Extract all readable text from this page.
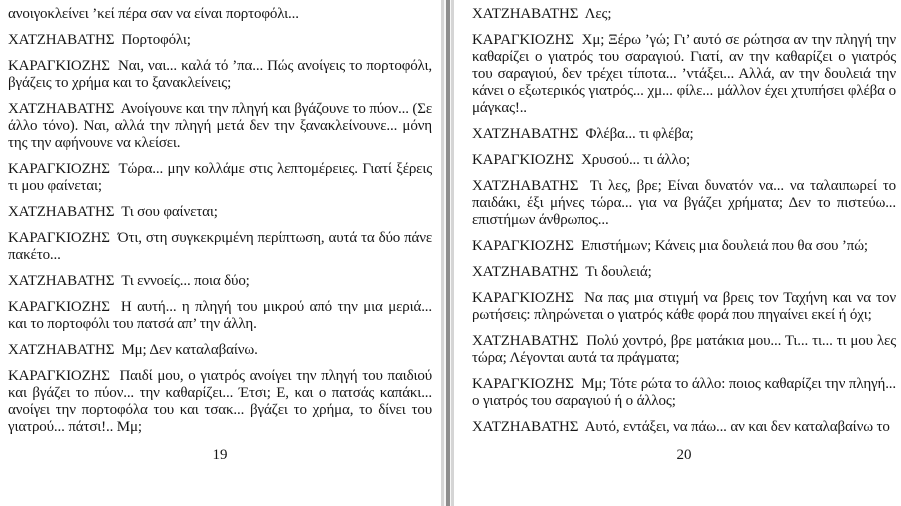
ανοιγοκλείνει ’κεί πέρα σαν να είναι πορτοφόλι...

ΧΑΤΖΗΑΒΑΤΗΣ  Πορτοφόλι;

ΚΑΡΑΓΚΙΟΖΗΣ  Ναι, ναι... καλά τό ’πα... Πώς ανοίγεις το πορτοφόλι, βγάζεις το χρήμα και το ξανακλείνεις;

ΧΑΤΖΗΑΒΑΤΗΣ  Ανοίγουνε και την πληγή και βγάζουνε το πύον... (Σε άλλο τόνο). Ναι, αλλά την πληγή μετά δεν την ξανακλείνουνε... μόνη της την αφήνουνε να κλείσει.

ΚΑΡΑΓΚΙΟΖΗΣ  Τώρα... μην κολλάμε στις λεπτομέρειες. Γιατί ξέρεις τι μου φαίνεται;

ΧΑΤΖΗΑΒΑΤΗΣ  Τι σου φαίνεται;

ΚΑΡΑΓΚΙΟΖΗΣ  Ότι, στη συγκεκριμένη περίπτωση, αυτά τα δύο πάνε πακέτο...

ΧΑΤΖΗΑΒΑΤΗΣ  Τι εννοείς... ποια δύο;

ΚΑΡΑΓΚΙΟΖΗΣ  Η αυτή... η πληγή του μικρού από την μια μεριά... και το πορτοφόλι του πατσά απ’ την άλλη.

ΧΑΤΖΗΑΒΑΤΗΣ  Μμ; Δεν καταλαβαίνω.

ΚΑΡΑΓΚΙΟΖΗΣ  Παιδί μου, ο γιατρός ανοίγει την πληγή του παιδιού και βγάζει το πύον... την καθαρίζει... Έτσι; Ε, και ο πατσάς καπάκι... ανοίγει την πορτοφόλα του και τσακ... βγάζει το χρήμα, το δίνει του γιατρού... πάτσι!.. Μμ;

19

ΧΑΤΖΗΑΒΑΤΗΣ  Λες;

ΚΑΡΑΓΚΙΟΖΗΣ  Χμ; Ξέρω ’γώ; Γι’ αυτό σε ρώτησα αν την πληγή την καθαρίζει ο γιατρός του σαραγιού. Γιατί, αν την καθαρίζει ο γιατρός του σαραγιού, δεν τρέχει τίποτα... ’ντάξει... Αλλά, αν την δουλειά την κάνει ο εξωτερικός γιατρός... χμ... φίλε... μάλλον έχει χτυπήσει φλέβα ο μάγκας!..

ΧΑΤΖΗΑΒΑΤΗΣ  Φλέβα... τι φλέβα;

ΚΑΡΑΓΚΙΟΖΗΣ  Χρυσού... τι άλλο;

ΧΑΤΖΗΑΒΑΤΗΣ  Τι λες, βρε; Είναι δυνατόν να... να ταλαιπωρεί το παιδάκι, έξι μήνες τώρα... για να βγάζει χρήματα; Δεν το πιστεύω... επιστήμων άνθρωπος...

ΚΑΡΑΓΚΙΟΖΗΣ  Επιστήμων; Κάνεις μια δουλειά που θα σου ’πώ;

ΧΑΤΖΗΑΒΑΤΗΣ  Τι δουλειά;

ΚΑΡΑΓΚΙΟΖΗΣ  Να πας μια στιγμή να βρεις τον Ταχήνη και να τον ρωτήσεις: πληρώνεται ο γιατρός κάθε φορά που πηγαίνει εκεί ή όχι;

ΧΑΤΖΗΑΒΑΤΗΣ  Πολύ χοντρό, βρε ματάκια μου... Τι... τι... τι μου λες τώρα; Λέγονται αυτά τα πράγματα;

ΚΑΡΑΓΚΙΟΖΗΣ  Μμ; Τότε ρώτα το άλλο: ποιος καθαρίζει την πληγή... ο γιατρός του σαραγιού ή ο άλλος;

ΧΑΤΖΗΑΒΑΤΗΣ  Αυτό, εντάξει, να πάω... αν και δεν καταλαβαίνω το

20
